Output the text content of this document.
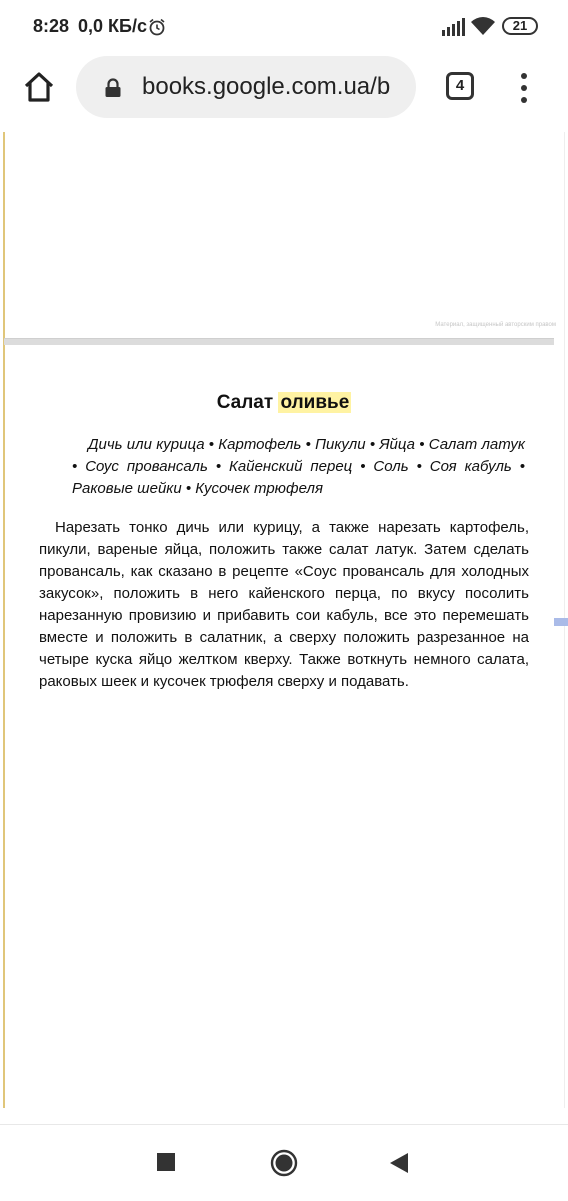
8:28 0,0 КБ/с	21
books.google.com.ua/b	4
Материал, защищенный авторским правом
Салат оливье
Дичь или курица • Картофель • Пикули • Яйца • Салат латук • Соус провансаль • Кайенский перец • Соль • Соя кабуль • Раковые шейки • Кусочек трюфеля
Нарезать тонко дичь или курицу, а также нарезать картофель, пикули, вареные яйца, положить также салат латук. Затем сделать провансаль, как сказано в рецепте «Соус провансаль для холодных закусок», положить в него кайенского перца, по вкусу посолить нарезанную провизию и прибавить сои кабуль, все это перемешать вместе и положить в салатник, а сверху положить разрезанное на четыре куска яйцо желтком кверху. Также воткнуть немного салата, раковых шеек и кусочек трюфеля сверху и подавать.
